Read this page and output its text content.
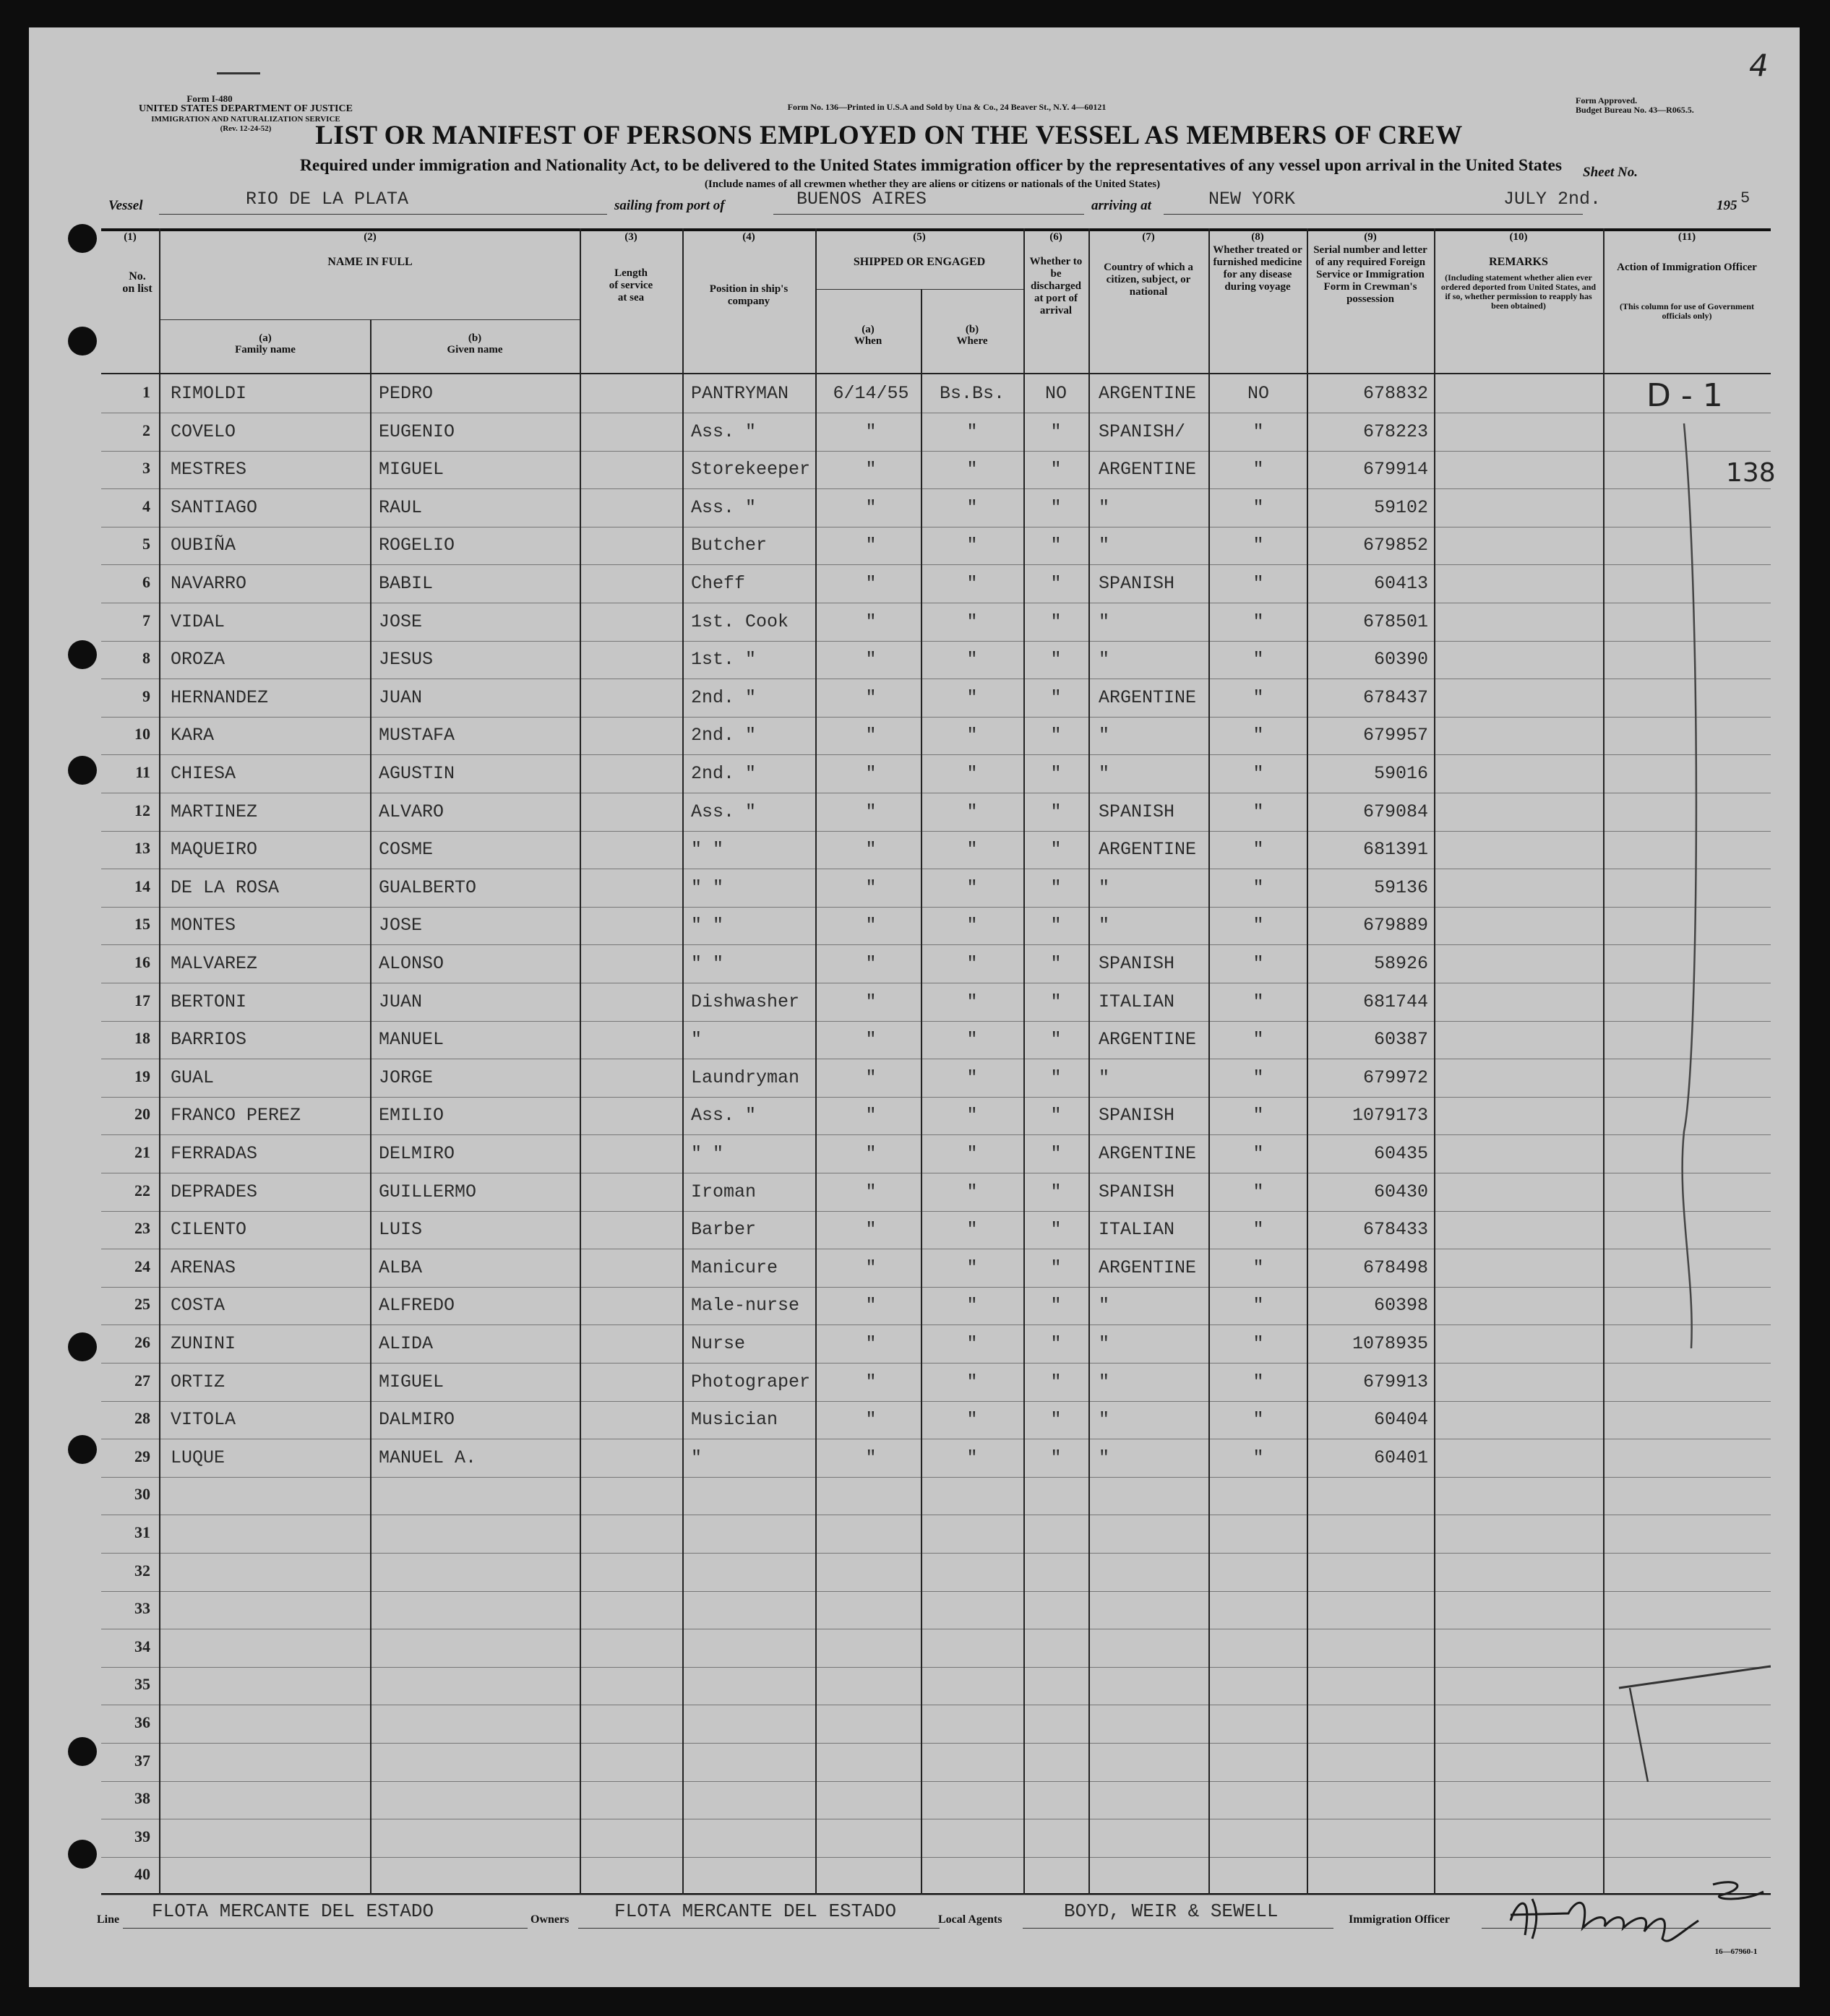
Form I-480
UNITED STATES DEPARTMENT OF JUSTICE
IMMIGRATION AND NATURALIZATION SERVICE
(Rev. 12-24-52)
Form No. 136—Printed in U.S.A and Sold by Una & Co., 24 Beaver St., N.Y. 4—60121
Form Approved.
Budget Bureau No. 43—R065.5.
4
LIST OR MANIFEST OF PERSONS EMPLOYED ON THE VESSEL AS MEMBERS OF CREW
Sheet No.
Required under immigration and Nationality Act, to be delivered to the United States immigration officer by the representatives of any vessel upon arrival in the United States
(Include names of all crewmen whether they are aliens or citizens or nationals of the United States)
Vessel	RIO DE LA PLATA	sailing from port of	BUENOS AIRES	arriving at	NEW YORK	JULY 2nd.	195 5
(1)
No. on list
(2)
NAME IN FULL
(a)
Family name
(b)
Given name
(3)
Length of service at sea
(4)
Position in ship's company
(5)
SHIPPED OR ENGAGED
(a)
When
(b)
Where
(6)
Whether to be discharged at port of arrival
(7)
Country of which a citizen, subject, or national
(8)
Whether treated or furnished medicine for any disease during voyage
(9)
Serial number and letter of any required Foreign Service or Immigration Form in Crewman's possession
(10)
REMARKS
(Including statement whether alien ever ordered deported from United States, and if so, whether permission to reapply has been obtained)
(11)
Action of Immigration Officer
(This column for use of Government officials only)
1 RIMOLDI	PEDRO	PANTRYMAN	6/14/55	Bs.Bs.	NO	ARGENTINE	NO	678832
2 COVELO	EUGENIO	Ass. "	"	"	"	SPANISH/	"	678223
3 MESTRES	MIGUEL	Storekeeper	"	"	"	ARGENTINE	"	679914
4 SANTIAGO	RAUL	Ass. "	"	"	"	"	"	59102
5 OUBIÑA	ROGELIO	Butcher	"	"	"	"	"	679852
6 NAVARRO	BABIL	Cheff	"	"	"	SPANISH	"	60413
7 VIDAL	JOSE	1st. Cook	"	"	"	"	"	678501
8 OROZA	JESUS	1st. "	"	"	"	"	"	60390
9 HERNANDEZ	JUAN	2nd. "	"	"	"	ARGENTINE	"	678437
10 KARA	MUSTAFA	2nd. "	"	"	"	"	"	679957
11 CHIESA	AGUSTIN	2nd. "	"	"	"	"	"	59016
12 MARTINEZ	ALVARO	Ass. "	"	"	"	SPANISH	"	679084
13 MAQUEIRO	COSME	" "	"	"	"	ARGENTINE	"	681391
14 DE LA ROSA	GUALBERTO	" "	"	"	"	"	"	59136
15 MONTES	JOSE	" "	"	"	"	"	"	679889
16 MALVAREZ	ALONSO	" "	"	"	"	SPANISH	"	58926
17 BERTONI	JUAN	Dishwasher	"	"	"	ITALIAN	"	681744
18 BARRIOS	MANUEL	"	"	"	"	ARGENTINE	"	60387
19 GUAL	JORGE	Laundryman	"	"	"	"	"	679972
20 FRANCO PEREZ	EMILIO	Ass. "	"	"	"	SPANISH	"	1079173
21 FERRADAS	DELMIRO	" "	"	"	"	ARGENTINE	"	60435
22 DEPRADES	GUILLERMO	Iroman	"	"	"	SPANISH	"	60430
23 CILENTO	LUIS	Barber	"	"	"	ITALIAN	"	678433
24 ARENAS	ALBA	Manicure	"	"	"	ARGENTINE	"	678498
25 COSTA	ALFREDO	Male-nurse	"	"	"	"	"	60398
26 ZUNINI	ALIDA	Nurse	"	"	"	"	"	1078935
27 ORTIZ	MIGUEL	Photograper	"	"	"	"	"	679913
28 VITOLA	DALMIRO	Musician	"	"	"	"	"	60404
29 LUQUE	MANUEL A.	"	"	"	"	"	"	60401
30
31
32
33
34
35
36
37
38
39
40
D - 1
138
Line FLOTA MERCANTE DEL ESTADO	Owners FLOTA MERCANTE DEL ESTADO	Local Agents	BOYD, WEIR & SEWELL	Immigration Officer
16—67960-1
